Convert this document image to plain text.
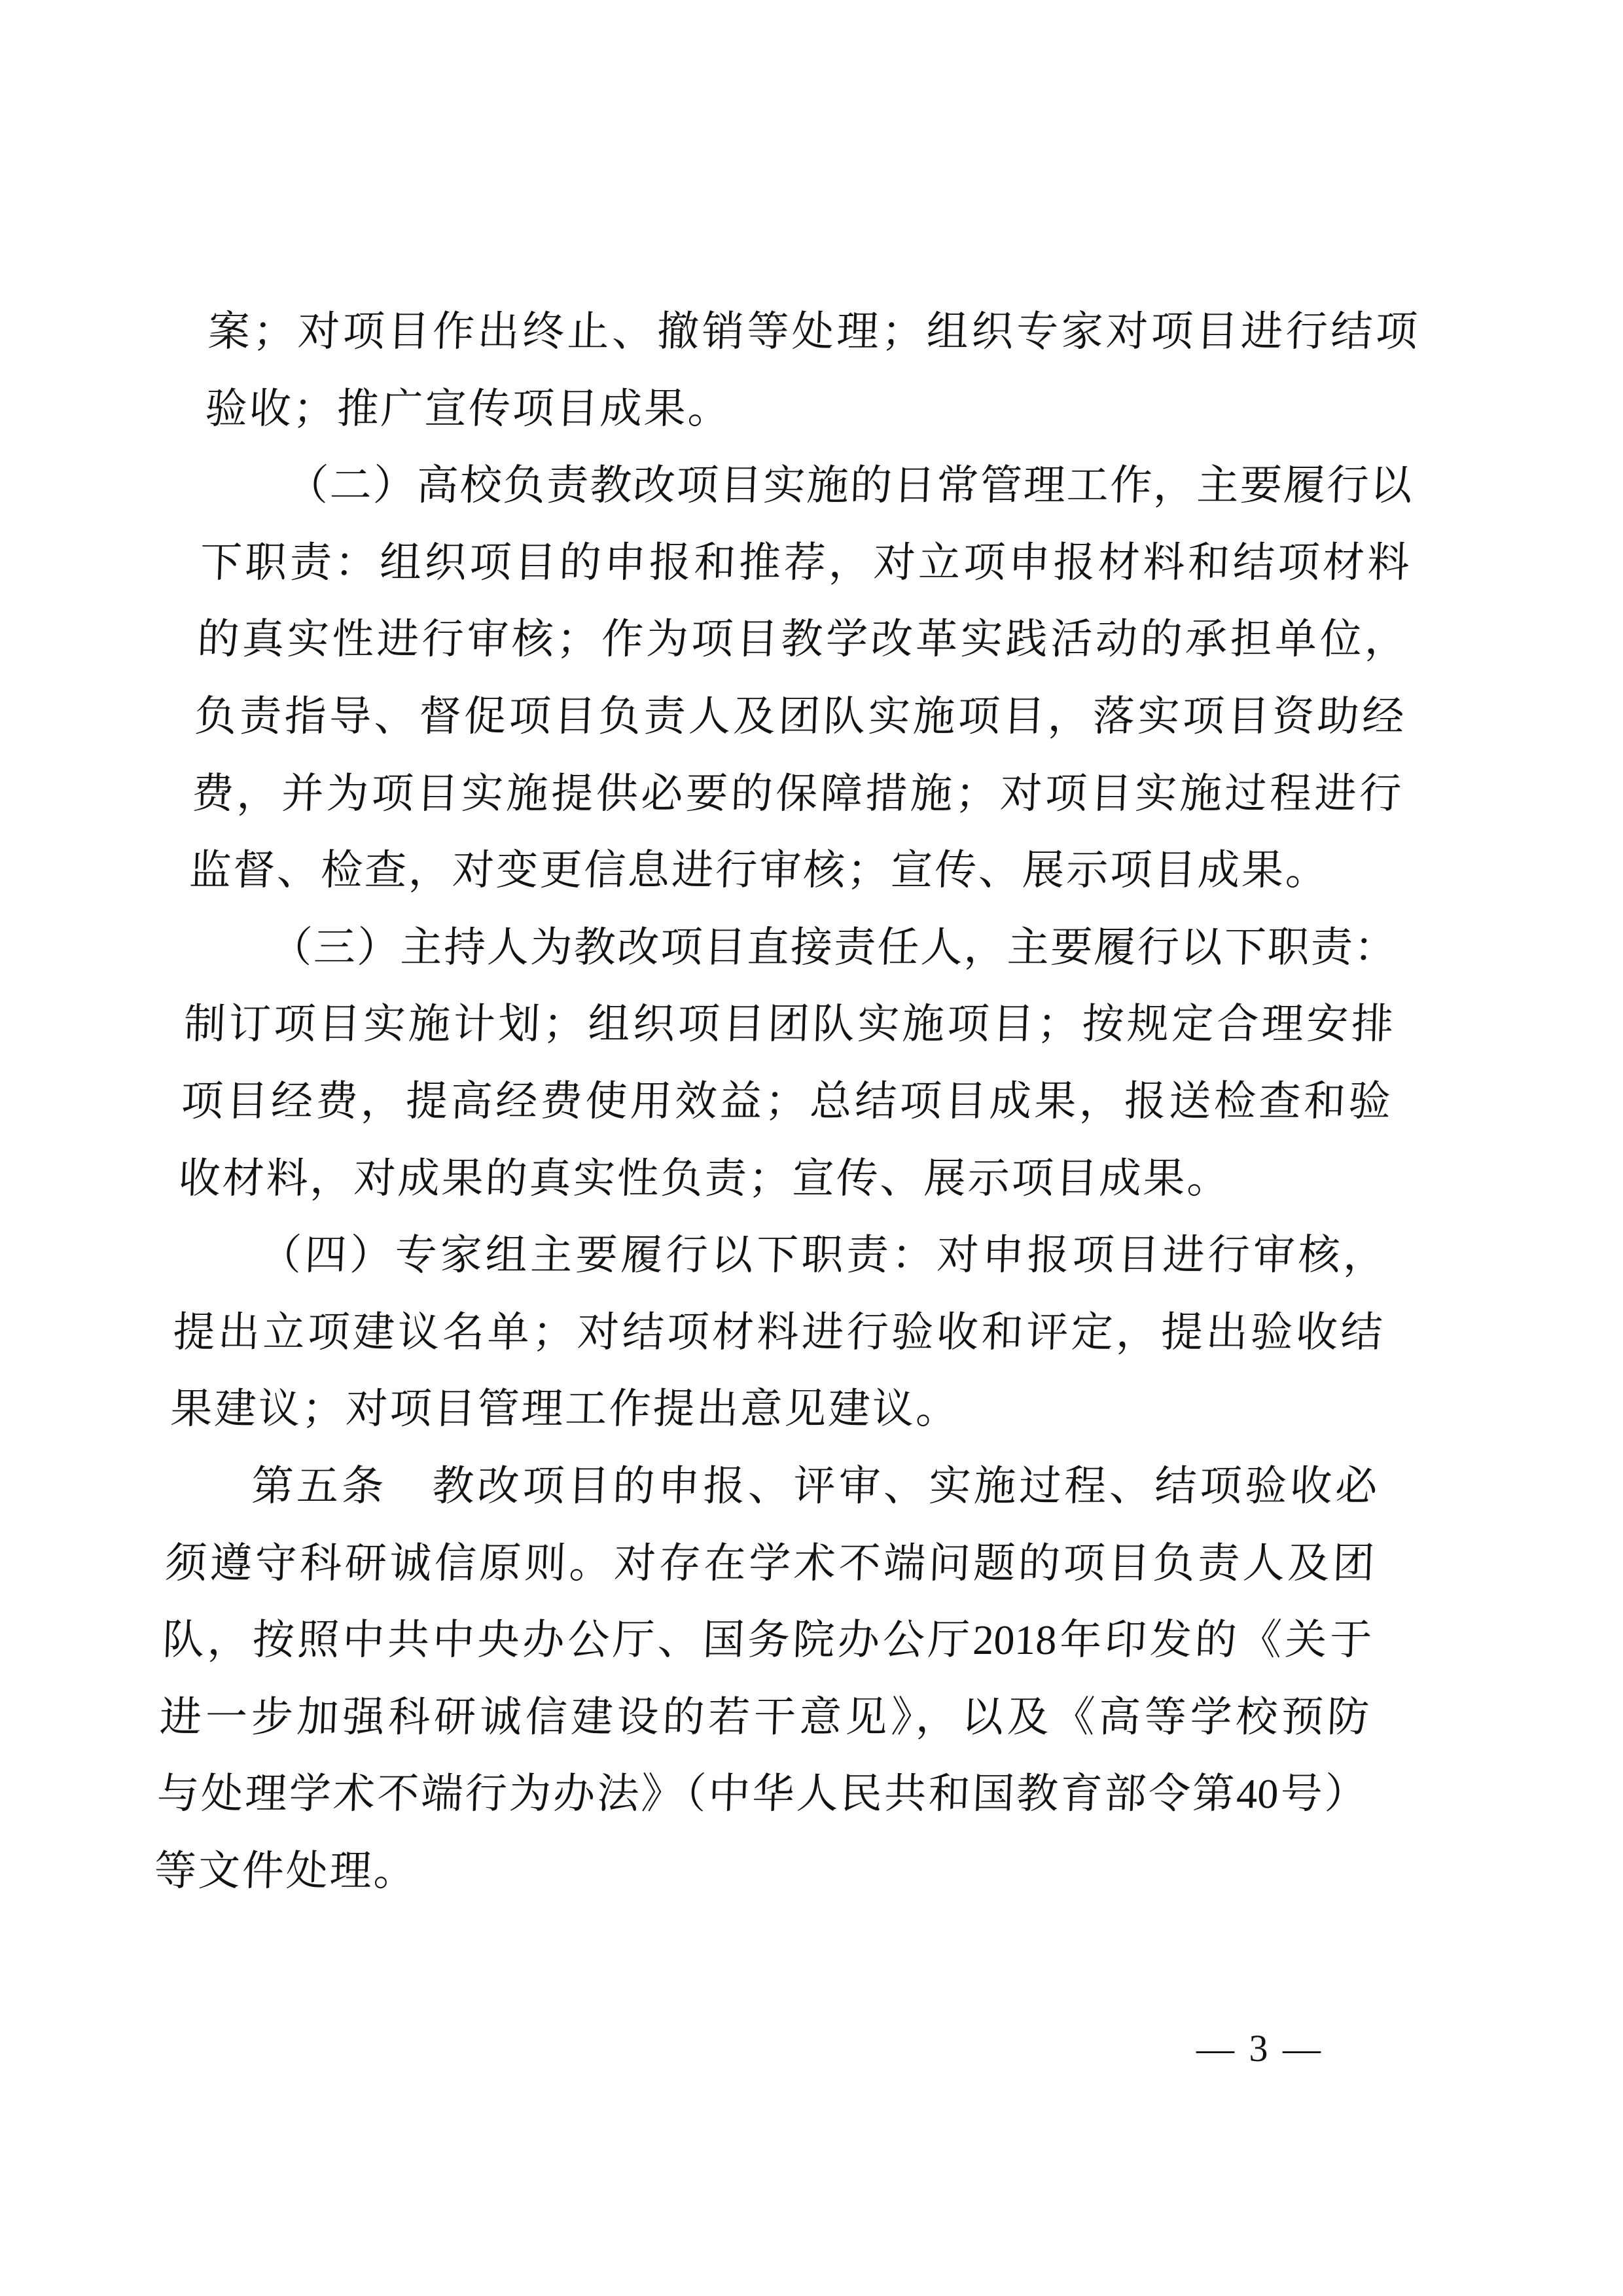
案；对项目作出终止、撤销等处理；组织专家对项目进行结项
验收；推广宣传项目成果。
（二）高校负责教改项目实施的日常管理工作，主要履行以
下职责：组织项目的申报和推荐，对立项申报材料和结项材料
的真实性进行审核；作为项目教学改革实践活动的承担单位，
负责指导、督促项目负责人及团队实施项目，落实项目资助经
费，并为项目实施提供必要的保障措施；对项目实施过程进行
监督、检查，对变更信息进行审核；宣传、展示项目成果。
（三）主持人为教改项目直接责任人，主要履行以下职责：
制订项目实施计划；组织项目团队实施项目；按规定合理安排
项目经费，提高经费使用效益；总结项目成果，报送检查和验
收材料，对成果的真实性负责；宣传、展示项目成果。
（四）专家组主要履行以下职责：对申报项目进行审核，
提出立项建议名单；对结项材料进行验收和评定，提出验收结
果建议；对项目管理工作提出意见建议。
第五条　教改项目的申报、评审、实施过程、结项验收必
须遵守科研诚信原则。对存在学术不端问题的项目负责人及团
队，按照中共中央办公厅、国务院办公厅2018年印发的《关于
进一步加强科研诚信建设的若干意见》，以及《高等学校预防
与处理学术不端行为办法》（中华人民共和国教育部令第40号）
等文件处理。
— 3 —
